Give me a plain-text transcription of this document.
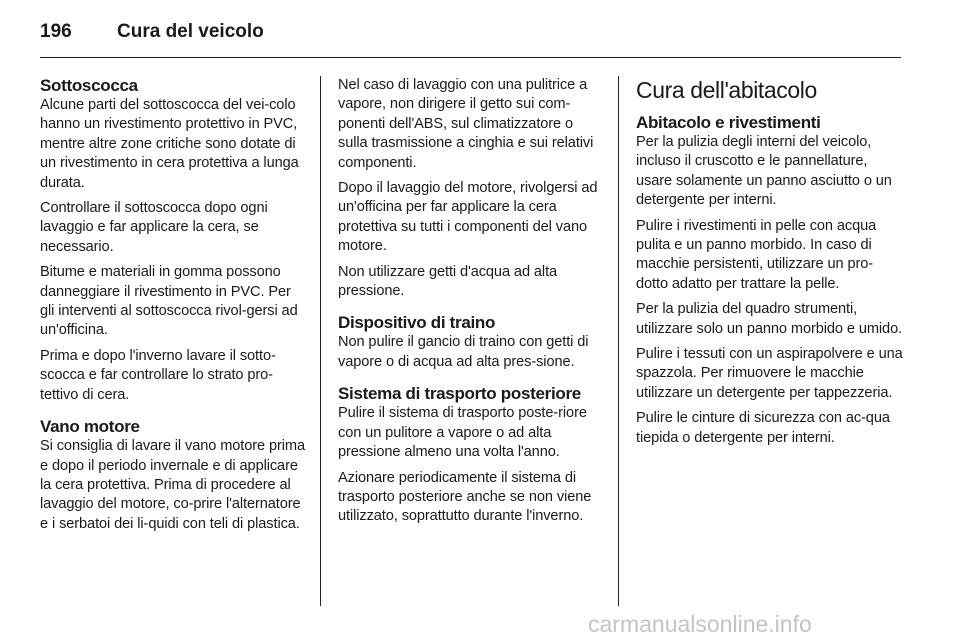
196 Cura del veicolo
Sottoscocca

Alcune parti del sottoscocca del vei-colo hanno un rivestimento protettivo in PVC, mentre altre zone critiche sono dotate di un rivestimento in cera protettiva a lunga durata.

Controllare il sottoscocca dopo ogni lavaggio e far applicare la cera, se necessario.

Bitume e materiali in gomma possono danneggiare il rivestimento in PVC. Per gli interventi al sottoscocca rivol-gersi ad un'officina.

Prima e dopo l'inverno lavare il sotto-scocca e far controllare lo strato pro-tettivo di cera.

Vano motore

Si consiglia di lavare il vano motore prima e dopo il periodo invernale e di applicare la cera protettiva. Prima di procedere al lavaggio del motore, co-prire l'alternatore e i serbatoi dei li-quidi con teli di plastica.

Nel caso di lavaggio con una pulitrice a vapore, non dirigere il getto sui com-ponenti dell'ABS, sul climatizzatore o sulla trasmissione a cinghia e sui relativi componenti.

Dopo il lavaggio del motore, rivolgersi ad un'officina per far applicare la cera protettiva su tutti i componenti del vano motore.

Non utilizzare getti d'acqua ad alta pressione.

Dispositivo di traino

Non pulire il gancio di traino con getti di vapore o di acqua ad alta pres-sione.

Sistema di trasporto posteriore

Pulire il sistema di trasporto poste-riore con un pulitore a vapore o ad alta pressione almeno una volta l'anno.

Azionare periodicamente il sistema di trasporto posteriore anche se non viene utilizzato, soprattutto durante l'inverno.

Cura dell'abitacolo
Abitacolo e rivestimenti

Per la pulizia degli interni del veicolo, incluso il cruscotto e le pannellature, usare solamente un panno asciutto o un detergente per interni.

Pulire i rivestimenti in pelle con acqua pulita e un panno morbido. In caso di macchie persistenti, utilizzare un pro-dotto adatto per trattare la pelle.

Per la pulizia del quadro strumenti, utilizzare solo un panno morbido e umido.

Pulire i tessuti con un aspirapolvere e una spazzola. Per rimuovere le macchie utilizzare un detergente per tappezzeria.

Pulire le cinture di sicurezza con ac-qua tiepida o detergente per interni.

carmanualsonline.info
